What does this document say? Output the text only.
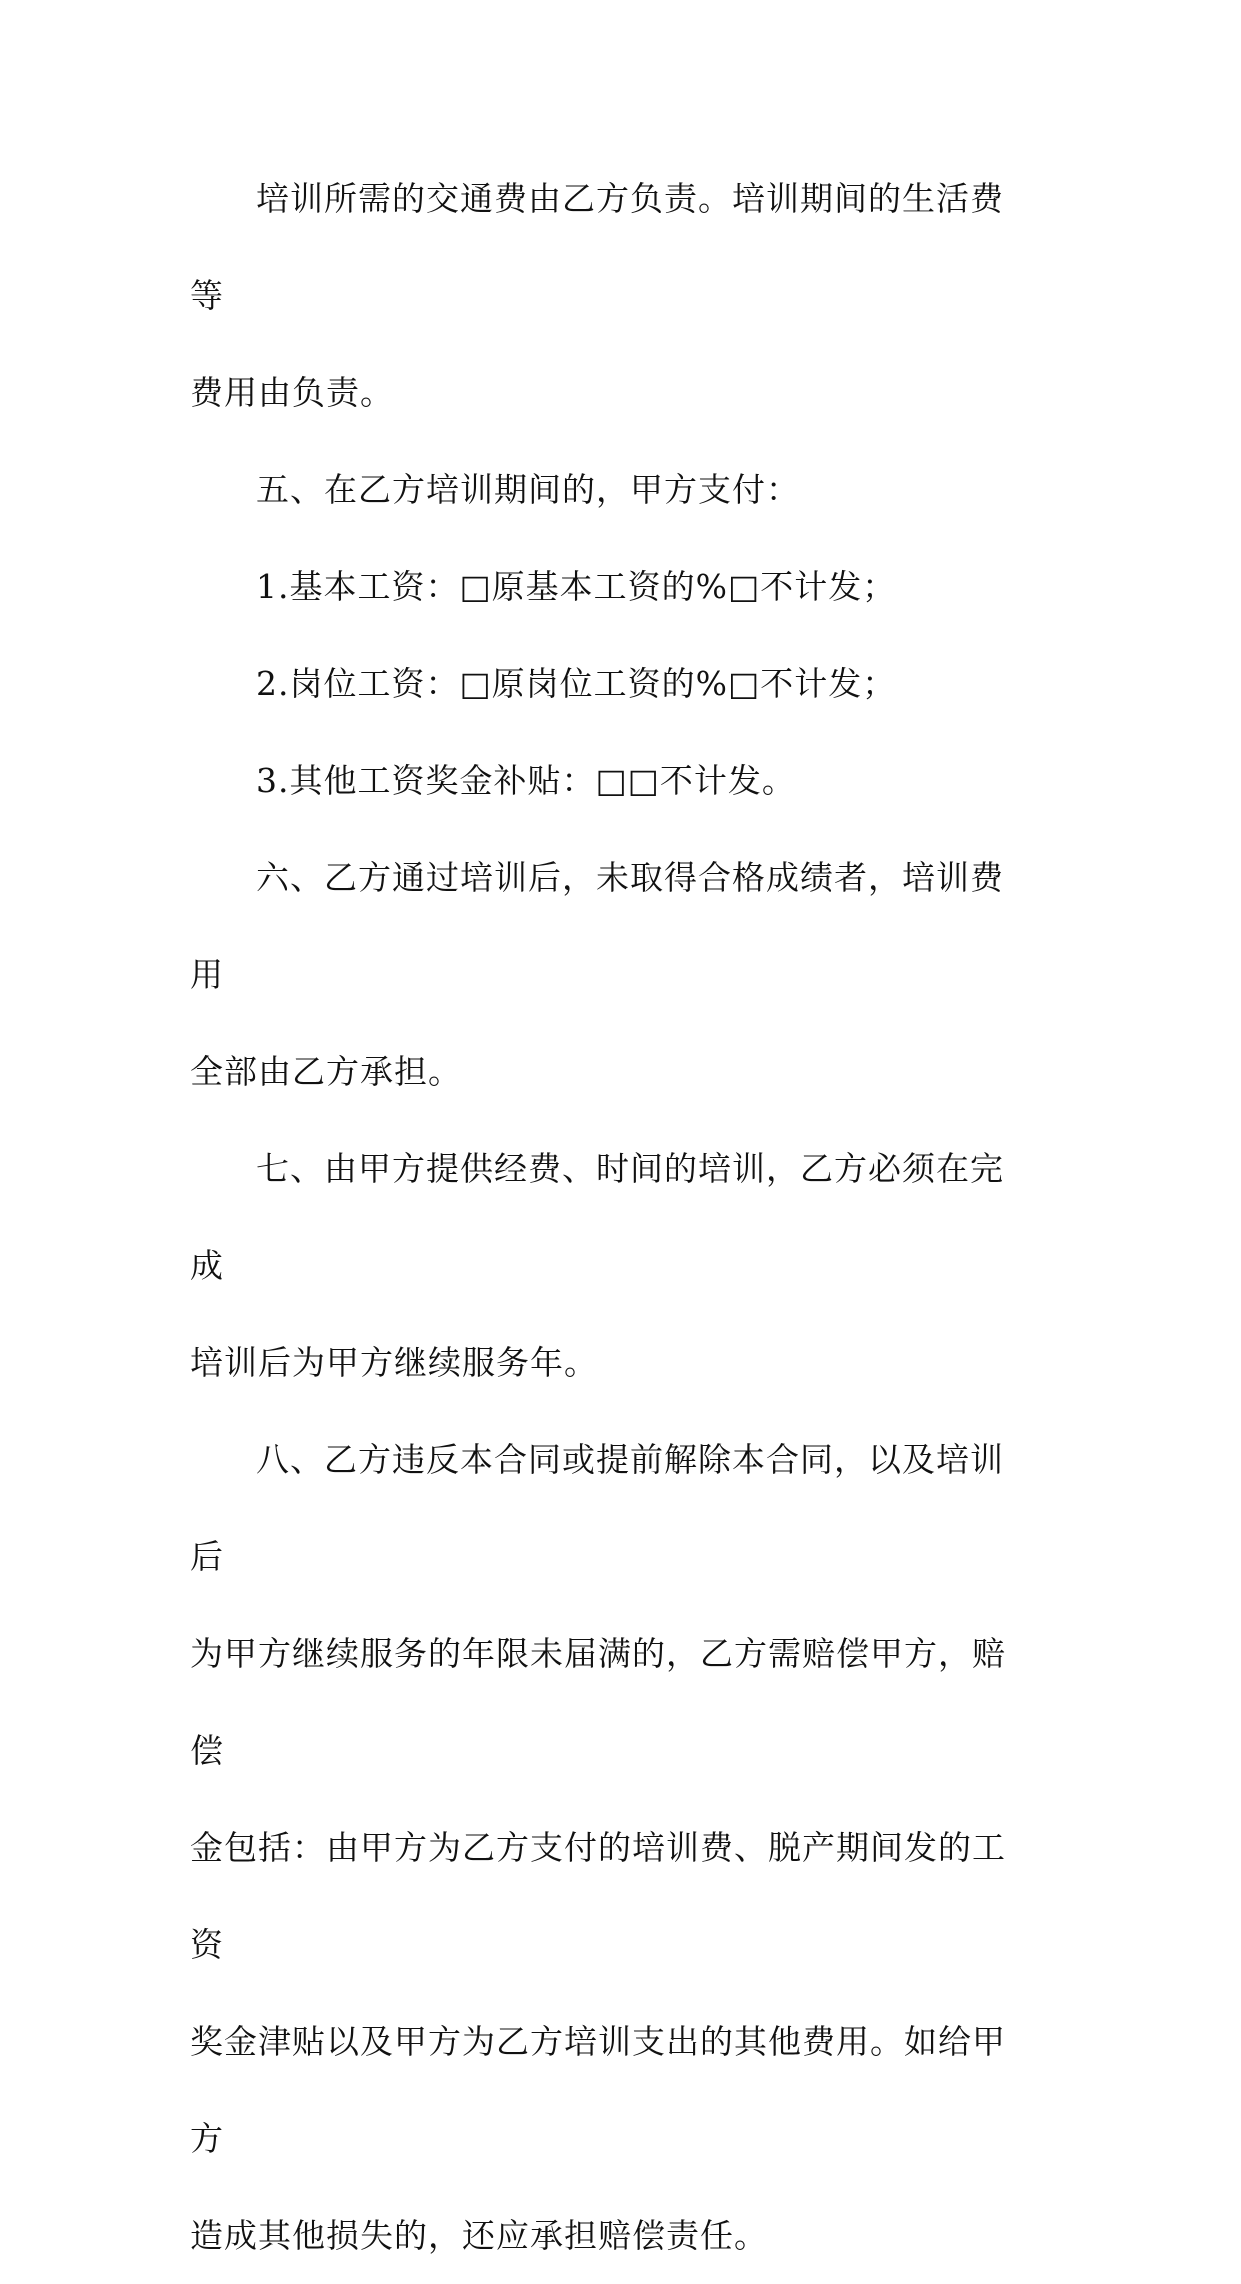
培训所需的交通费由乙方负责。培训期间的生活费等

费用由负责。

五、在乙方培训期间的，甲方支付：

1.基本工资：□原基本工资的%□不计发；

2.岗位工资：□原岗位工资的%□不计发；

3.其他工资奖金补贴：□□不计发。

六、乙方通过培训后，未取得合格成绩者，培训费用

全部由乙方承担。

七、由甲方提供经费、时间的培训，乙方必须在完成

培训后为甲方继续服务年。

八、乙方违反本合同或提前解除本合同，以及培训后

为甲方继续服务的年限未届满的，乙方需赔偿甲方，赔偿

金包括：由甲方为乙方支付的培训费、脱产期间发的工资

奖金津贴以及甲方为乙方培训支出的其他费用。如给甲方

造成其他损失的，还应承担赔偿责任。
